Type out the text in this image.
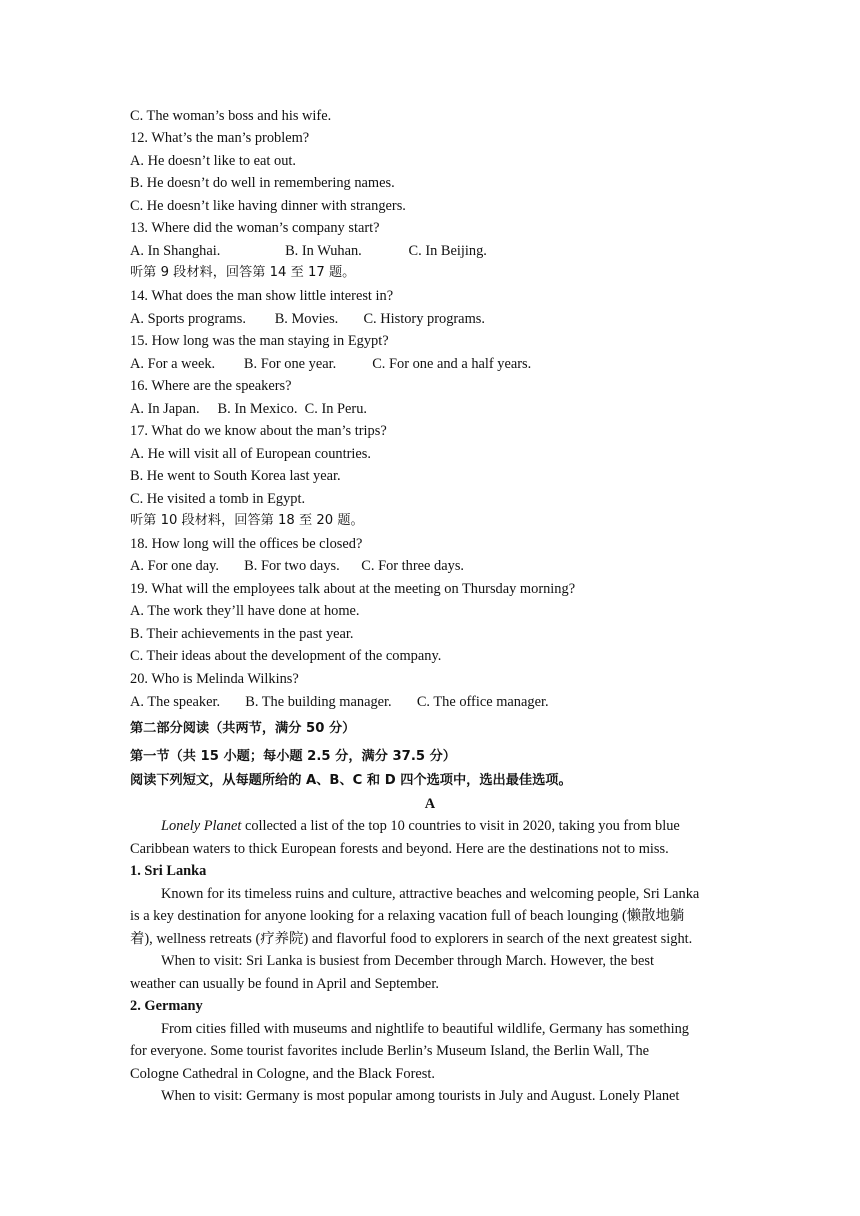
C. The woman’s boss and his wife.
12. What’s the man’s problem?
A. He doesn’t like to eat out.
B. He doesn’t do well in remembering names.
C. He doesn’t like having dinner with strangers.
13. Where did the woman’s company start?
A. In Shanghai.                  B. In Wuhan.             C. In Beijing.
听第 9 段材料，回答第 14 至 17 题。
14. What does the man show little interest in?
A. Sports programs.        B. Movies.       C. History programs.
15. How long was the man staying in Egypt?
A. For a week.        B. For one year.          C. For one and a half years.
16. Where are the speakers?
A. In Japan.     B. In Mexico.  C. In Peru.
17. What do we know about the man’s trips?
A. He will visit all of European countries.
B. He went to South Korea last year.
C. He visited a tomb in Egypt.
听第 10 段材料，回答第 18 至 20 题。
18. How long will the offices be closed?
A. For one day.       B. For two days.      C. For three days.
19. What will the employees talk about at the meeting on Thursday morning?
A. The work they’ll have done at home.
B. Their achievements in the past year.
C. Their ideas about the development of the company.
20. Who is Melinda Wilkins?
A. The speaker.       B. The building manager.       C. The office manager.
第二部分阅读（共两节，满分 50 分）
第一节（共 15 小题；每小题 2.5 分，满分 37.5 分）
阅读下列短文，从每题所给的 A、B、C 和 D 四个选项中，选出最佳选项。
A
Lonely Planet collected a list of the top 10 countries to visit in 2020, taking you from blue
Caribbean waters to thick European forests and beyond. Here are the destinations not to miss.
1. Sri Lanka
Known for its timeless ruins and culture, attractive beaches and welcoming people, Sri Lanka
is a key destination for anyone looking for a relaxing vacation full of beach lounging (懒散地躺
着), wellness retreats (疗养院) and flavorful food to explorers in search of the next greatest sight.
When to visit: Sri Lanka is busiest from December through March. However, the best
weather can usually be found in April and September.
2. Germany
From cities filled with museums and nightlife to beautiful wildlife, Germany has something
for everyone. Some tourist favorites include Berlin’s Museum Island, the Berlin Wall, The
Cologne Cathedral in Cologne, and the Black Forest.
When to visit: Germany is most popular among tourists in July and August. Lonely Planet
